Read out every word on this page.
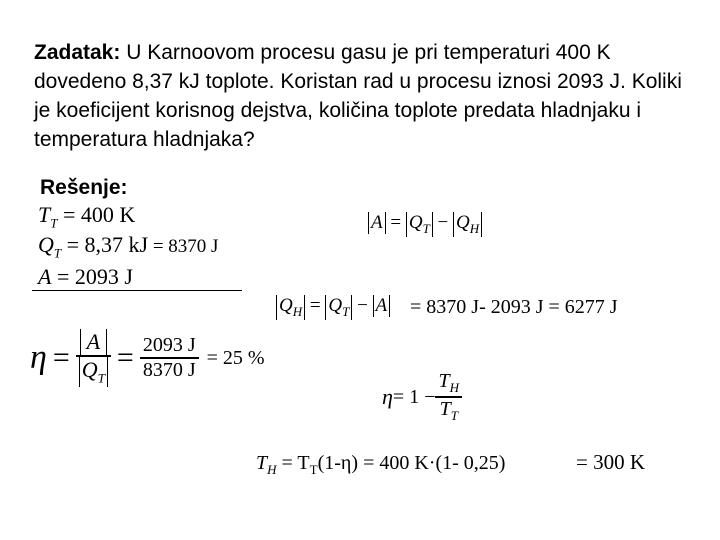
Zadatak: U Karnoovom procesu gasu je pri temperaturi 400 K dovedeno 8,37 kJ toplote. Koristan rad u procesu iznosi 2093 J. Koliki je koeficijent korisnog dejstva, količina toplote predata hladnjaku i temperatura hladnjaka?
Rešenje:
$T_T = 400$ K
$Q_T = 8,37$ kJ = 8370 J
A = 2093 J
$A = Q_T - Q_H$
$Q_H = Q_T - A = 8370$ J- 2093 J = 6277 J
$\eta = \frac{A}{Q_T} = \frac{2093 J}{8370 J} = 25$ %
$\eta = 1 - \frac{T_H}{T_T}$
$T_H = T_T(1-\eta) = 400$ K·(1- 0,25)	= 300 K
